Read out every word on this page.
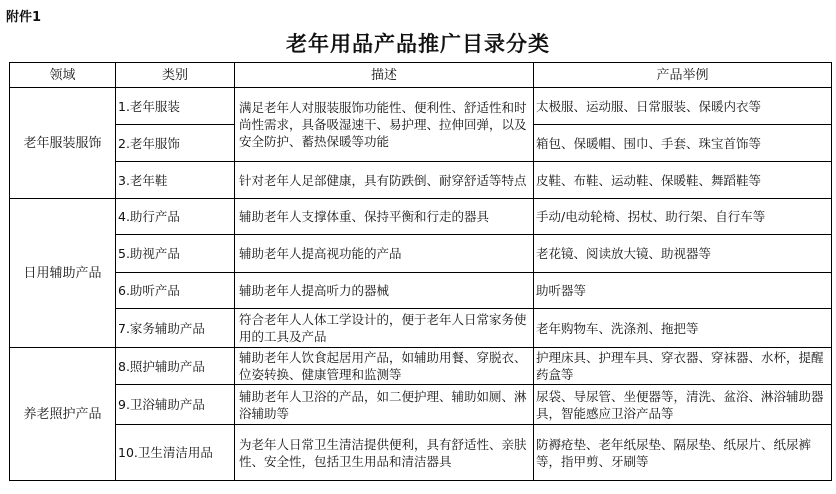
附件1
老年用品产品推广目录分类
领域	类别	描述	产品举例
老年服装服饰	1.老年服装	满足老年人对服装服饰功能性、便利性、舒适性和时尚性需求，具备吸湿速干、易护理、拉伸回弹，以及安全防护、蓄热保暖等功能	太极服、运动服、日常服装、保暖内衣等
	2.老年服饰		箱包、保暖帽、围巾、手套、珠宝首饰等
	3.老年鞋	针对老年人足部健康，具有防跌倒、耐穿舒适等特点	皮鞋、布鞋、运动鞋、保暖鞋、舞蹈鞋等
日用辅助产品	4.助行产品	辅助老年人支撑体重、保持平衡和行走的器具	手动/电动轮椅、拐杖、助行架、自行车等
	5.助视产品	辅助老年人提高视功能的产品	老花镜、阅读放大镜、助视器等
	6.助听产品	辅助老年人提高听力的器械	助听器等
	7.家务辅助产品	符合老年人人体工学设计的，便于老年人日常家务使用的工具及产品	老年购物车、洗涤剂、拖把等
养老照护产品	8.照护辅助产品	辅助老年人饮食起居用产品，如辅助用餐、穿脱衣、位姿转换、健康管理和监测等	护理床具、护理车具、穿衣器、穿袜器、水杯，提醒药盒等
	9.卫浴辅助产品	辅助老年人卫浴的产品，如二便护理、辅助如厕、淋浴辅助等	尿袋、导尿管、坐便器等，清洗、盆浴、淋浴辅助器具，智能感应卫浴产品等
	10.卫生清洁用品	为老年人日常卫生清洁提供便利，具有舒适性、亲肤性、安全性，包括卫生用品和清洁器具	防褥疮垫、老年纸尿垫、隔尿垫、纸尿片、纸尿裤等，指甲剪、牙刷等
